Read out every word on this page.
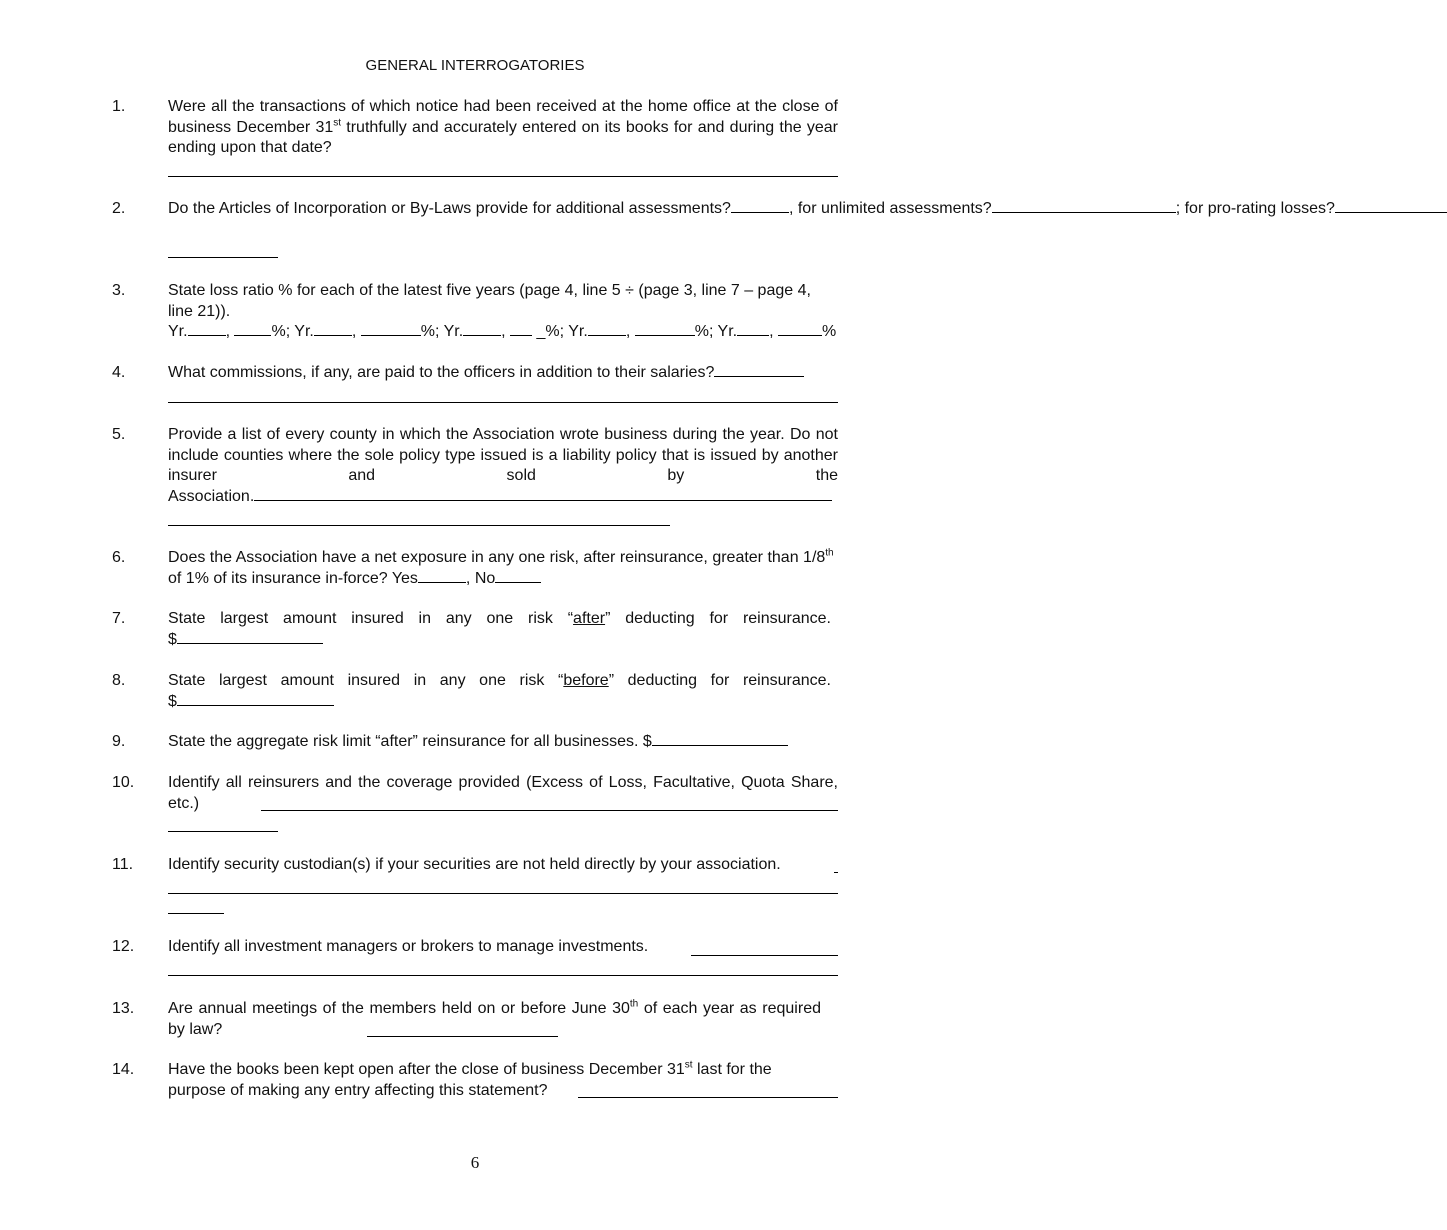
GENERAL INTERROGATORIES
1.	Were all the transactions of which notice had been received at the home office at the close of business December 31st truthfully and accurately entered on its books for and during the year ending upon that date?
2.	Do the Articles of Incorporation or By-Laws provide for additional assessments?	, for unlimited assessments?	; for pro-rating losses?
3.	State loss ratio % for each of the latest five years (page 4, line 5 ÷ (page 3, line 7 – page 4, line 21)).
Yr. ,	%; Yr. ,	%; Yr. , _%; Yr. ,	%; Yr. ,	%
4.	What commissions, if any, are paid to the officers in addition to their salaries?
5.	Provide a list of every county in which the Association wrote business during the year. Do not include counties where the sole policy type issued is a liability policy that is issued by another insurer and sold by the
Association.
6.	Does the Association have a net exposure in any one risk, after reinsurance, greater than 1/8th of 1% of its insurance in-force? Yes	, No
7.	State largest amount insured in any one risk “after” deducting for reinsurance.
$
8.	State largest amount insured in any one risk “before” deducting for reinsurance.
$
9.	State the aggregate risk limit “after” reinsurance for all businesses. $
10. Identify all reinsurers and the coverage provided (Excess of Loss, Facultative, Quota Share, etc.)
11. Identify security custodian(s) if your securities are not held directly by your association.
12. Identify all investment managers or brokers to manage investments.
13. Are annual meetings of the members held on or before June 30th of each year as required by law?
14. Have the books been kept open after the close of business December 31st last for the purpose of making any entry affecting this statement?
6
